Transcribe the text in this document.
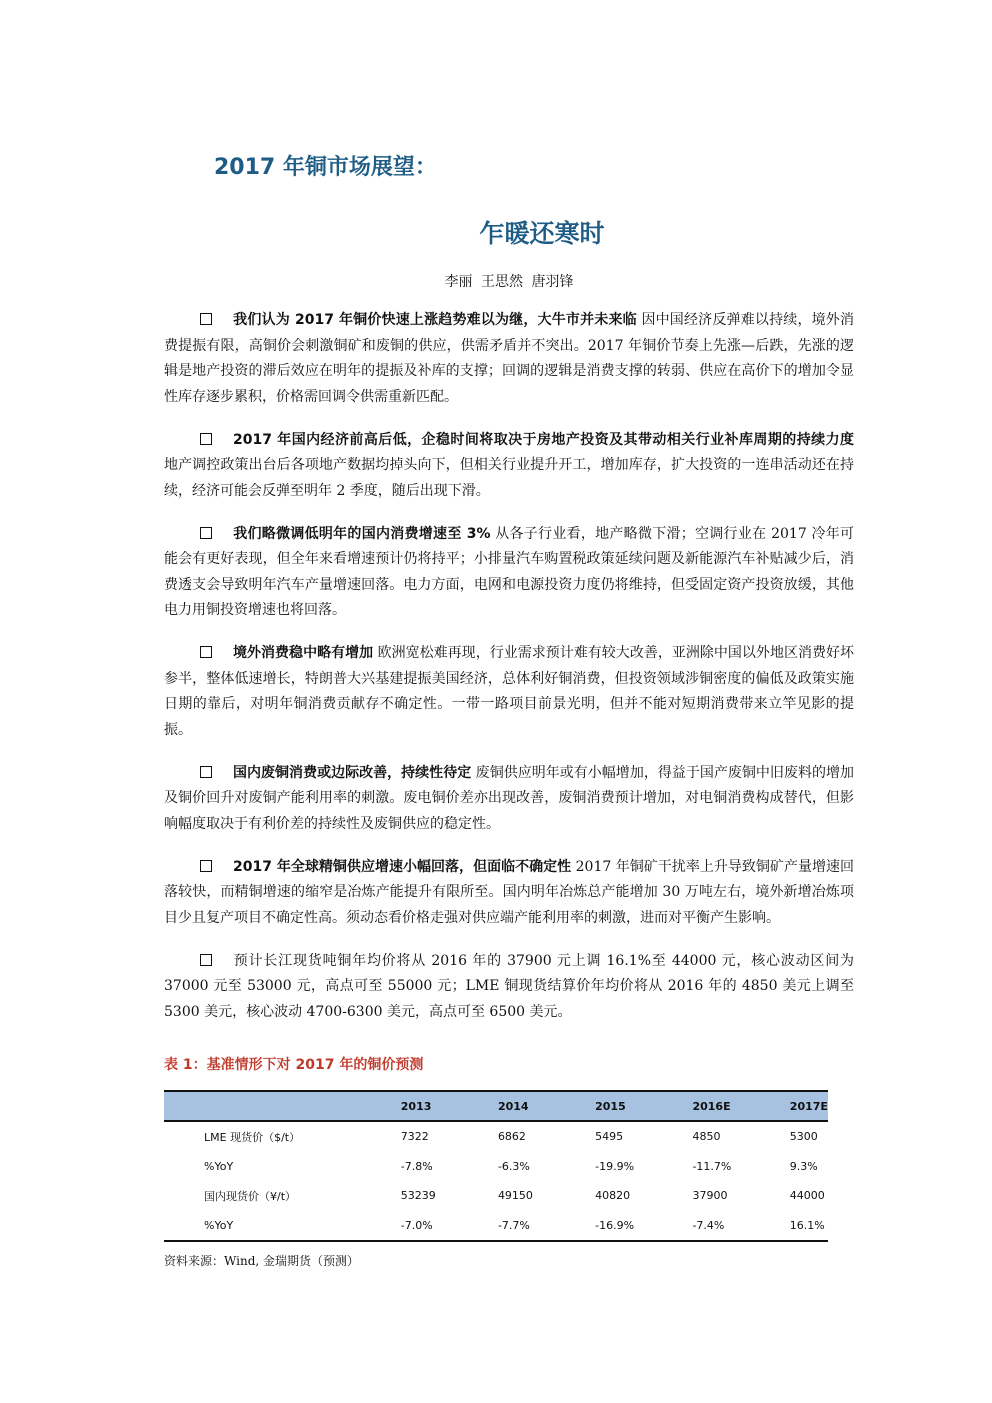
2017 年铜市场展望：
乍暖还寒时

李丽 王思然 唐羽锋

我们认为 2017 年铜价快速上涨趋势难以为继，大牛市并未来临 因中国经济反弹难以持续，境外消费提振有限，高铜价会刺激铜矿和废铜的供应，供需矛盾并不突出。2017 年铜价节奏上先涨—后跌，先涨的逻辑是地产投资的滞后效应在明年的提振及补库的支撑；回调的逻辑是消费支撑的转弱、供应在高价下的增加令显性库存逐步累积，价格需回调令供需重新匹配。

2017 年国内经济前高后低，企稳时间将取决于房地产投资及其带动相关行业补库周期的持续力度 地产调控政策出台后各项地产数据均掉头向下，但相关行业提升开工，增加库存，扩大投资的一连串活动还在持续，经济可能会反弹至明年 2 季度，随后出现下滑。

我们略微调低明年的国内消费增速至 3% 从各子行业看，地产略微下滑；空调行业在 2017 冷年可能会有更好表现，但全年来看增速预计仍将持平；小排量汽车购置税政策延续问题及新能源汽车补贴减少后，消费透支会导致明年汽车产量增速回落。电力方面，电网和电源投资力度仍将维持，但受固定资产投资放缓，其他电力用铜投资增速也将回落。

境外消费稳中略有增加 欧洲宽松难再现，行业需求预计难有较大改善，亚洲除中国以外地区消费好坏参半，整体低速增长，特朗普大兴基建提振美国经济，总体利好铜消费，但投资领域涉铜密度的偏低及政策实施日期的靠后，对明年铜消费贡献存不确定性。一带一路项目前景光明，但并不能对短期消费带来立竿见影的提振。

国内废铜消费或边际改善，持续性待定 废铜供应明年或有小幅增加，得益于国产废铜中旧废料的增加及铜价回升对废铜产能利用率的刺激。废电铜价差亦出现改善，废铜消费预计增加，对电铜消费构成替代，但影响幅度取决于有利价差的持续性及废铜供应的稳定性。

2017 年全球精铜供应增速小幅回落，但面临不确定性 2017 年铜矿干扰率上升导致铜矿产量增速回落较快，而精铜增速的缩窄是冶炼产能提升有限所至。国内明年冶炼总产能增加 30 万吨左右，境外新增冶炼项目少且复产项目不确定性高。须动态看价格走强对供应端产能利用率的刺激，进而对平衡产生影响。

预计长江现货吨铜年均价将从 2016 年的 37900 元上调 16.1%至 44000 元，核心波动区间为 37000 元至 53000 元，高点可至 55000 元；LME 铜现货结算价年均价将从 2016 年的 4850 美元上调至 5300 美元，核心波动 4700-6300 美元，高点可至 6500 美元。

表 1：基准情形下对 2017 年的铜价预测

	2013	2014	2015	2016E	2017E
LME 现货价（$/t）	7322	6862	5495	4850	5300
%YoY	-7.8%	-6.3%	-19.9%	-11.7%	9.3%
国内现货价（¥/t）	53239	49150	40820	37900	44000
%YoY	-7.0%	-7.7%	-16.9%	-7.4%	16.1%

资料来源：Wind, 金瑞期货（预测）
